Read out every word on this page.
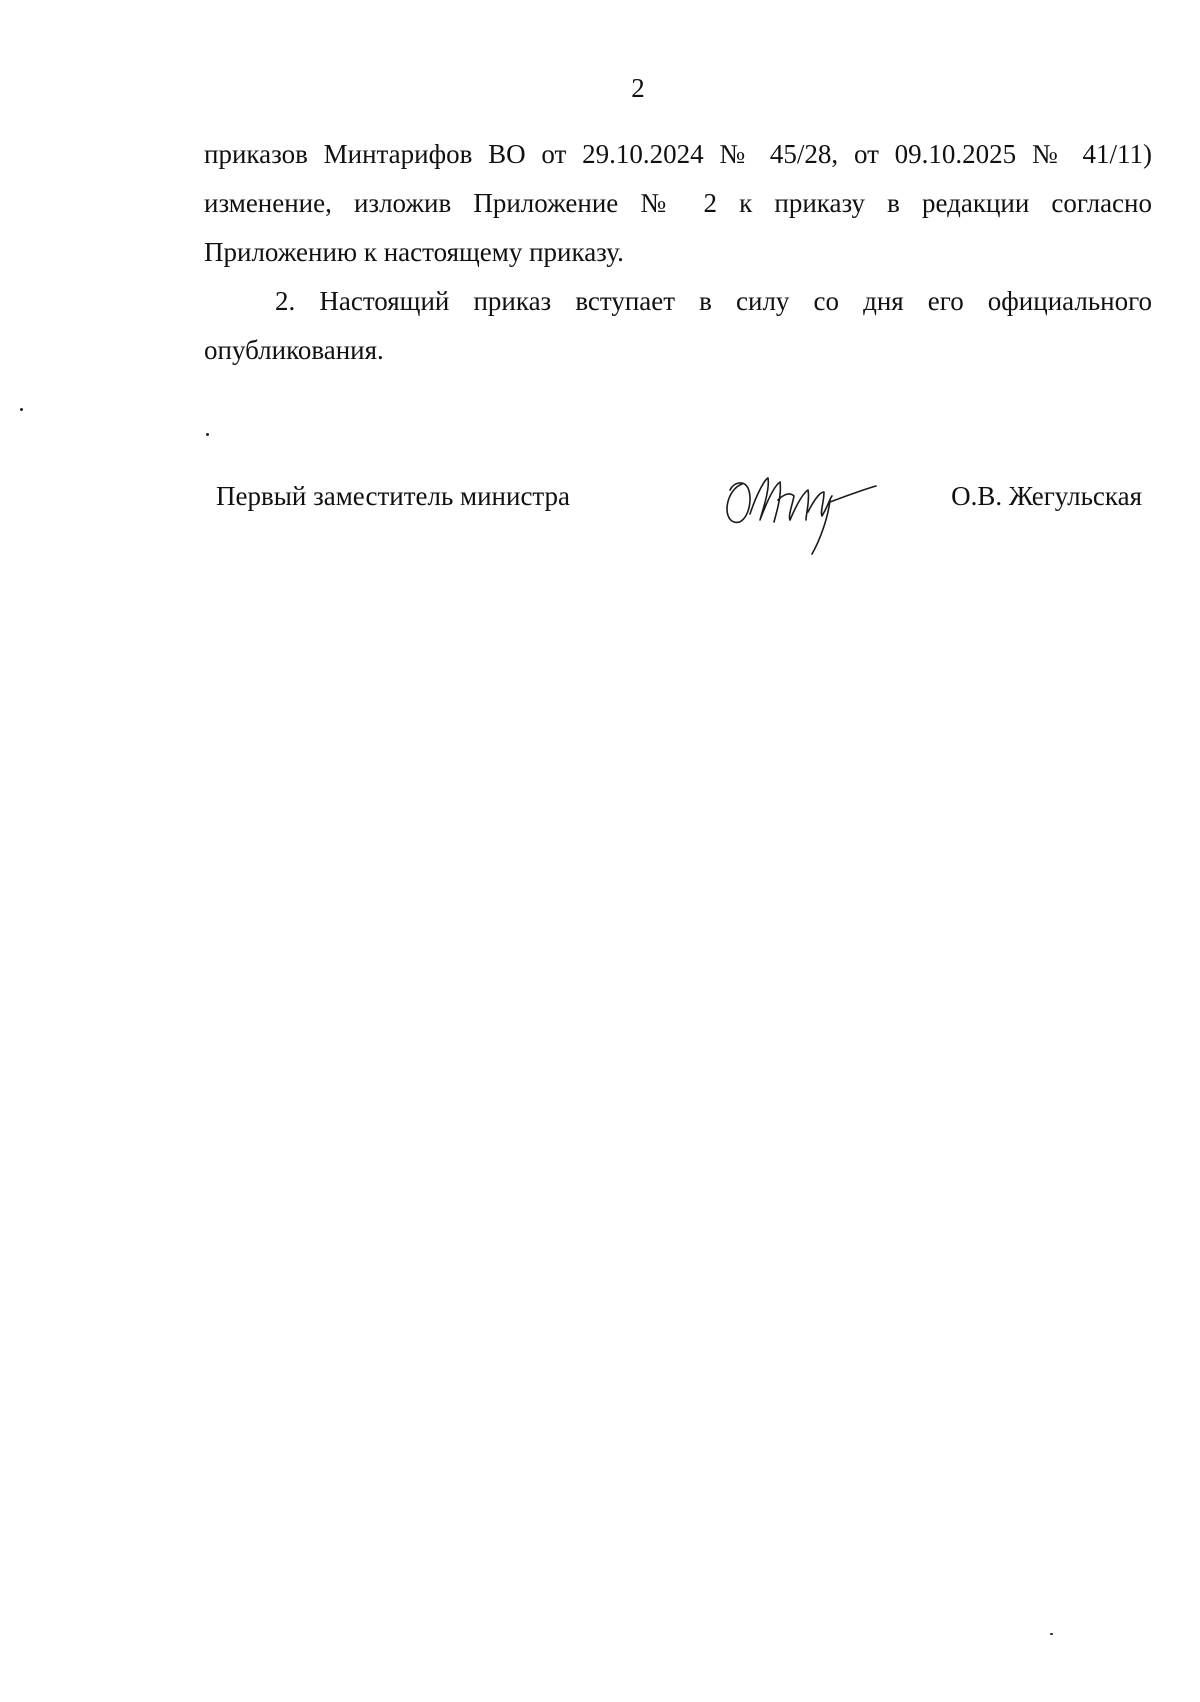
2

приказов Минтарифов ВО от 29.10.2024 № 45/28, от 09.10.2025 № 41/11) изменение, изложив Приложение № 2 к приказу в редакции согласно Приложению к настоящему приказу.

2. Настоящий приказ вступает в силу со дня его официального опубликования.

Первый заместитель министра	О.В. Жегульская
